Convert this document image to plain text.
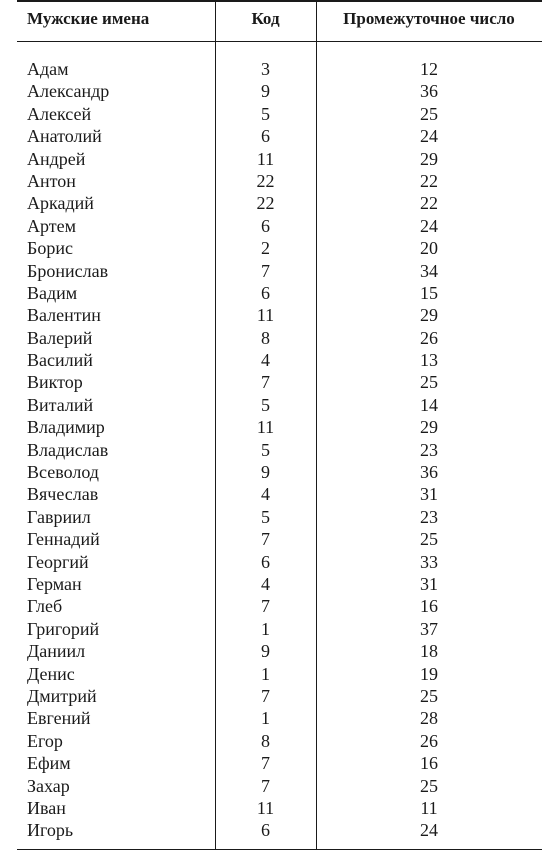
Мужские имена	Код	Промежуточное число
Адам	3	12
Александр	9	36
Алексей	5	25
Анатолий	6	24
Андрей	11	29
Антон	22	22
Аркадий	22	22
Артем	6	24
Борис	2	20
Бронислав	7	34
Вадим	6	15
Валентин	11	29
Валерий	8	26
Василий	4	13
Виктор	7	25
Виталий	5	14
Владимир	11	29
Владислав	5	23
Всеволод	9	36
Вячеслав	4	31
Гавриил	5	23
Геннадий	7	25
Георгий	6	33
Герман	4	31
Глеб	7	16
Григорий	1	37
Даниил	9	18
Денис	1	19
Дмитрий	7	25
Евгений	1	28
Егор	8	26
Ефим	7	16
Захар	7	25
Иван	11	11
Игорь	6	24
